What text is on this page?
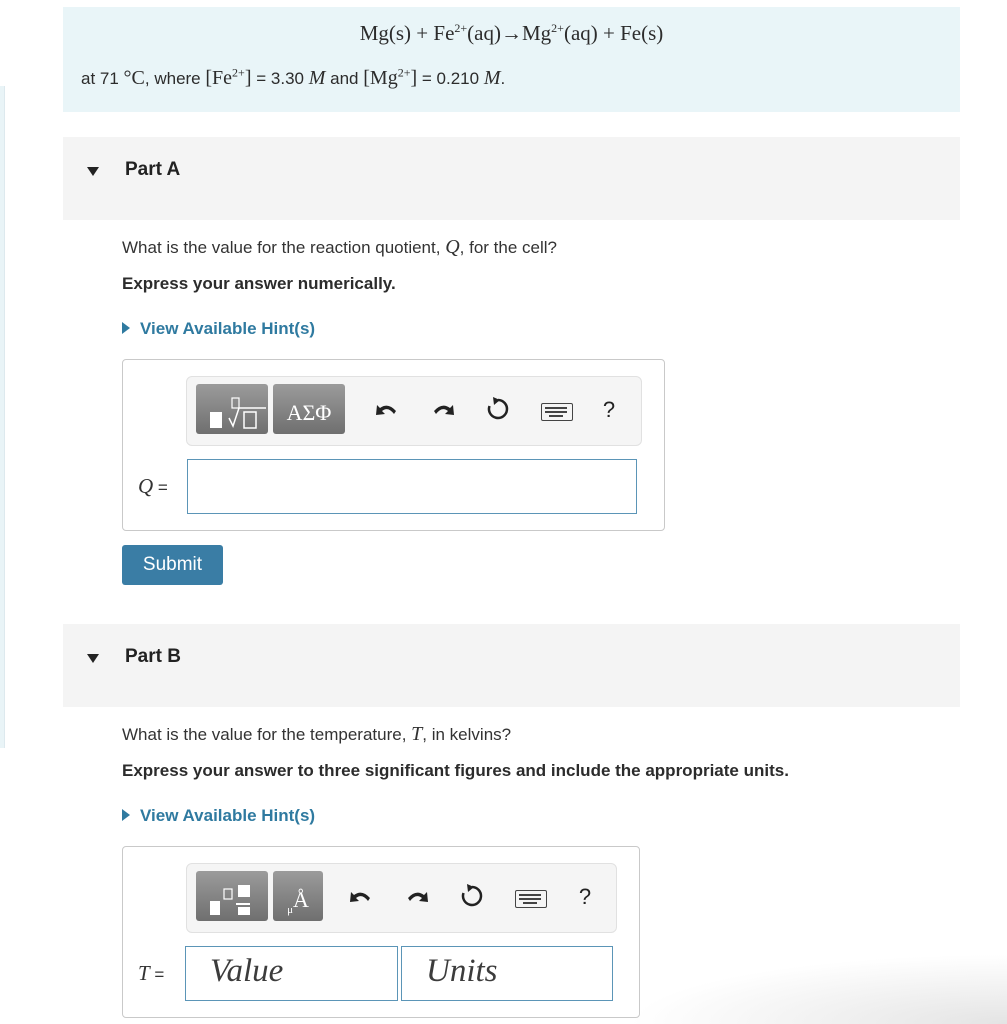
$Mg(s) + Fe^{2+}(aq)\to Mg^{2+}(aq) + Fe(s)$
at 71 °C, where $[Fe^{2+}] = 3.30$ M and $[Mg^{2+}] = 0.210$ M.
Part A
What is the value for the reaction quotient, Q, for the cell?
Express your answer numerically.
View Available Hint(s)
ΑΣΦ	?
Q =
Submit
Part B
What is the value for the temperature, T, in kelvins?
Express your answer to three significant figures and include the appropriate units.
View Available Hint(s)
$_\mu$Å	?
T = Value	Units
